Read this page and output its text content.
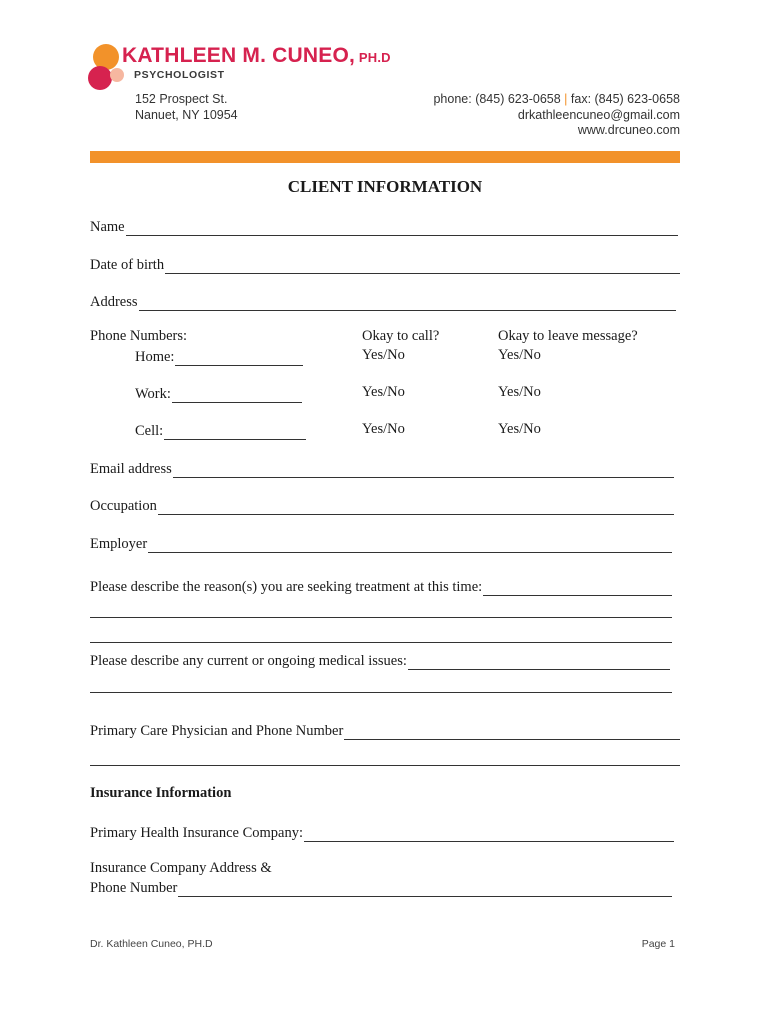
KATHLEEN M. CUNEO, PH.D
PSYCHOLOGIST
152 Prospect St.
Nanuet, NY 10954
phone: (845) 623-0658 | fax: (845) 623-0658
drkathleencuneo@gmail.com
www.drcuneo.com
CLIENT INFORMATION
Name
Date of birth
Address
Phone Numbers:	Okay to call?	Okay to leave message?
Home:	Yes/No	Yes/No
Work:	Yes/No	Yes/No
Cell:	Yes/No	Yes/No
Email address
Occupation
Employer
Please describe the reason(s) you are seeking treatment at this time:
Please describe any current or ongoing medical issues:
Primary Care Physician and Phone Number
Insurance Information
Primary Health Insurance Company:
Insurance Company Address &
Phone Number
Dr. Kathleen Cuneo, PH.D	Page 1
